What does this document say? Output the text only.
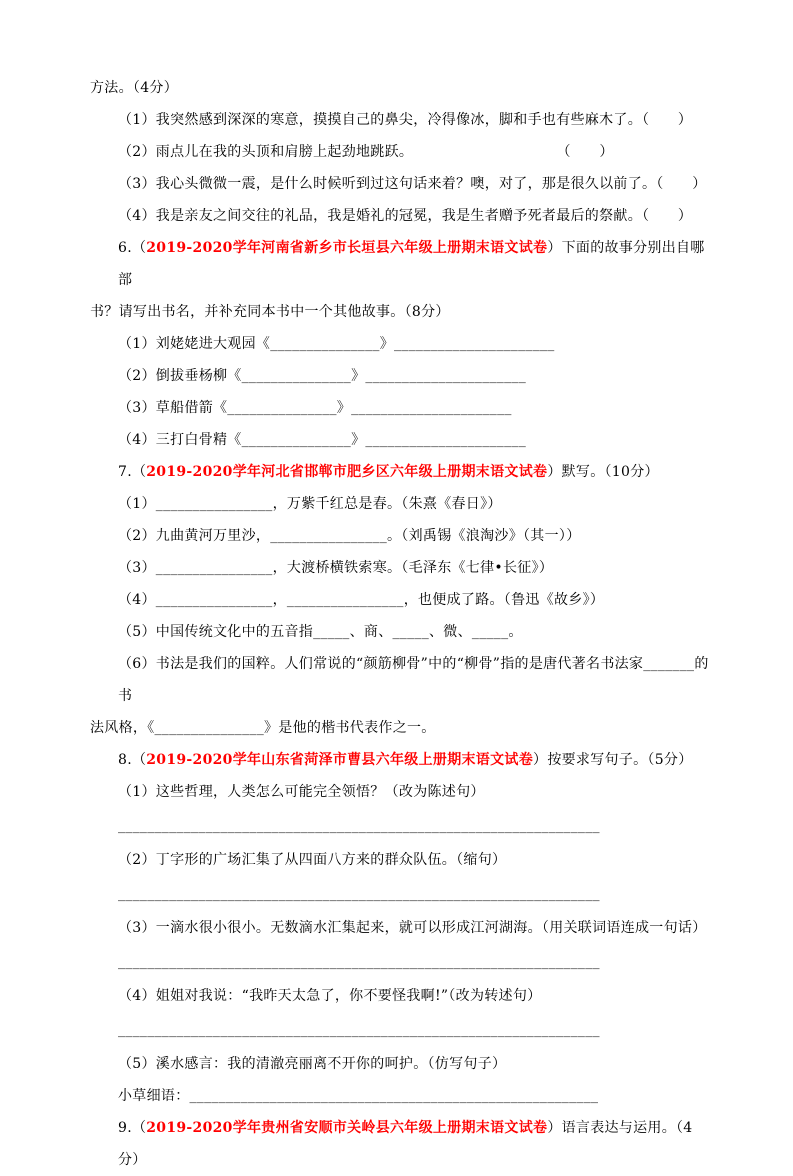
方法。（4分）
（1）我突然感到深深的寒意，摸摸自己的鼻尖，冷得像冰，脚和手也有些麻木了。（　　）
（2）雨点儿在我的头顶和肩膀上起劲地跳跃。　　　　　　　　　　　（　　）
（3）我心头微微一震，是什么时候听到过这句话来着？噢，对了，那是很久以前了。（　　）
（4）我是亲友之间交往的礼品，我是婚礼的冠冕，我是生者赠予死者最后的祭献。（　　）
6.（2019-2020学年河南省新乡市长垣县六年级上册期末语文试卷）下面的故事分别出自哪部
书？请写出书名，并补充同本书中一个其他故事。（8分）
（1）刘姥姥进大观园《_______________》______________________
（2）倒拔垂杨柳《_______________》______________________
（3）草船借箭《_______________》______________________
（4）三打白骨精《_______________》______________________
7.（2019-2020学年河北省邯郸市肥乡区六年级上册期末语文试卷）默写。（10分）
（1）________________，万紫千红总是春。（朱熹《春日》）
（2）九曲黄河万里沙，________________。（刘禹锡《浪淘沙》（其一））
（3）________________，大渡桥横铁索寒。（毛泽东《七律•长征》）
（4）________________，________________，也便成了路。（鲁迅《故乡》）
（5）中国传统文化中的五音指_____、商、_____、微、_____。
（6）书法是我们的国粹。人们常说的“颜筋柳骨”中的“柳骨”指的是唐代著名书法家_______的书
法风格，《_______________》是他的楷书代表作之一。
8.（2019-2020学年山东省菏泽市曹县六年级上册期末语文试卷）按要求写句子。（5分）
（1）这些哲理，人类怎么可能完全领悟？（改为陈述句）
__________________________________________________________________
（2）丁字形的广场汇集了从四面八方来的群众队伍。（缩句）
__________________________________________________________________
（3）一滴水很小很小。无数滴水汇集起来，就可以形成江河湖海。（用关联词语连成一句话）
__________________________________________________________________
（4）姐姐对我说：“我昨天太急了，你不要怪我啊!”（改为转述句）
__________________________________________________________________
（5）溪水感言：我的清澈亮丽离不开你的呵护。（仿写句子）
小草细语：________________________________________________________
9.（2019-2020学年贵州省安顺市关岭县六年级上册期末语文试卷）语言表达与运用。（4分）
